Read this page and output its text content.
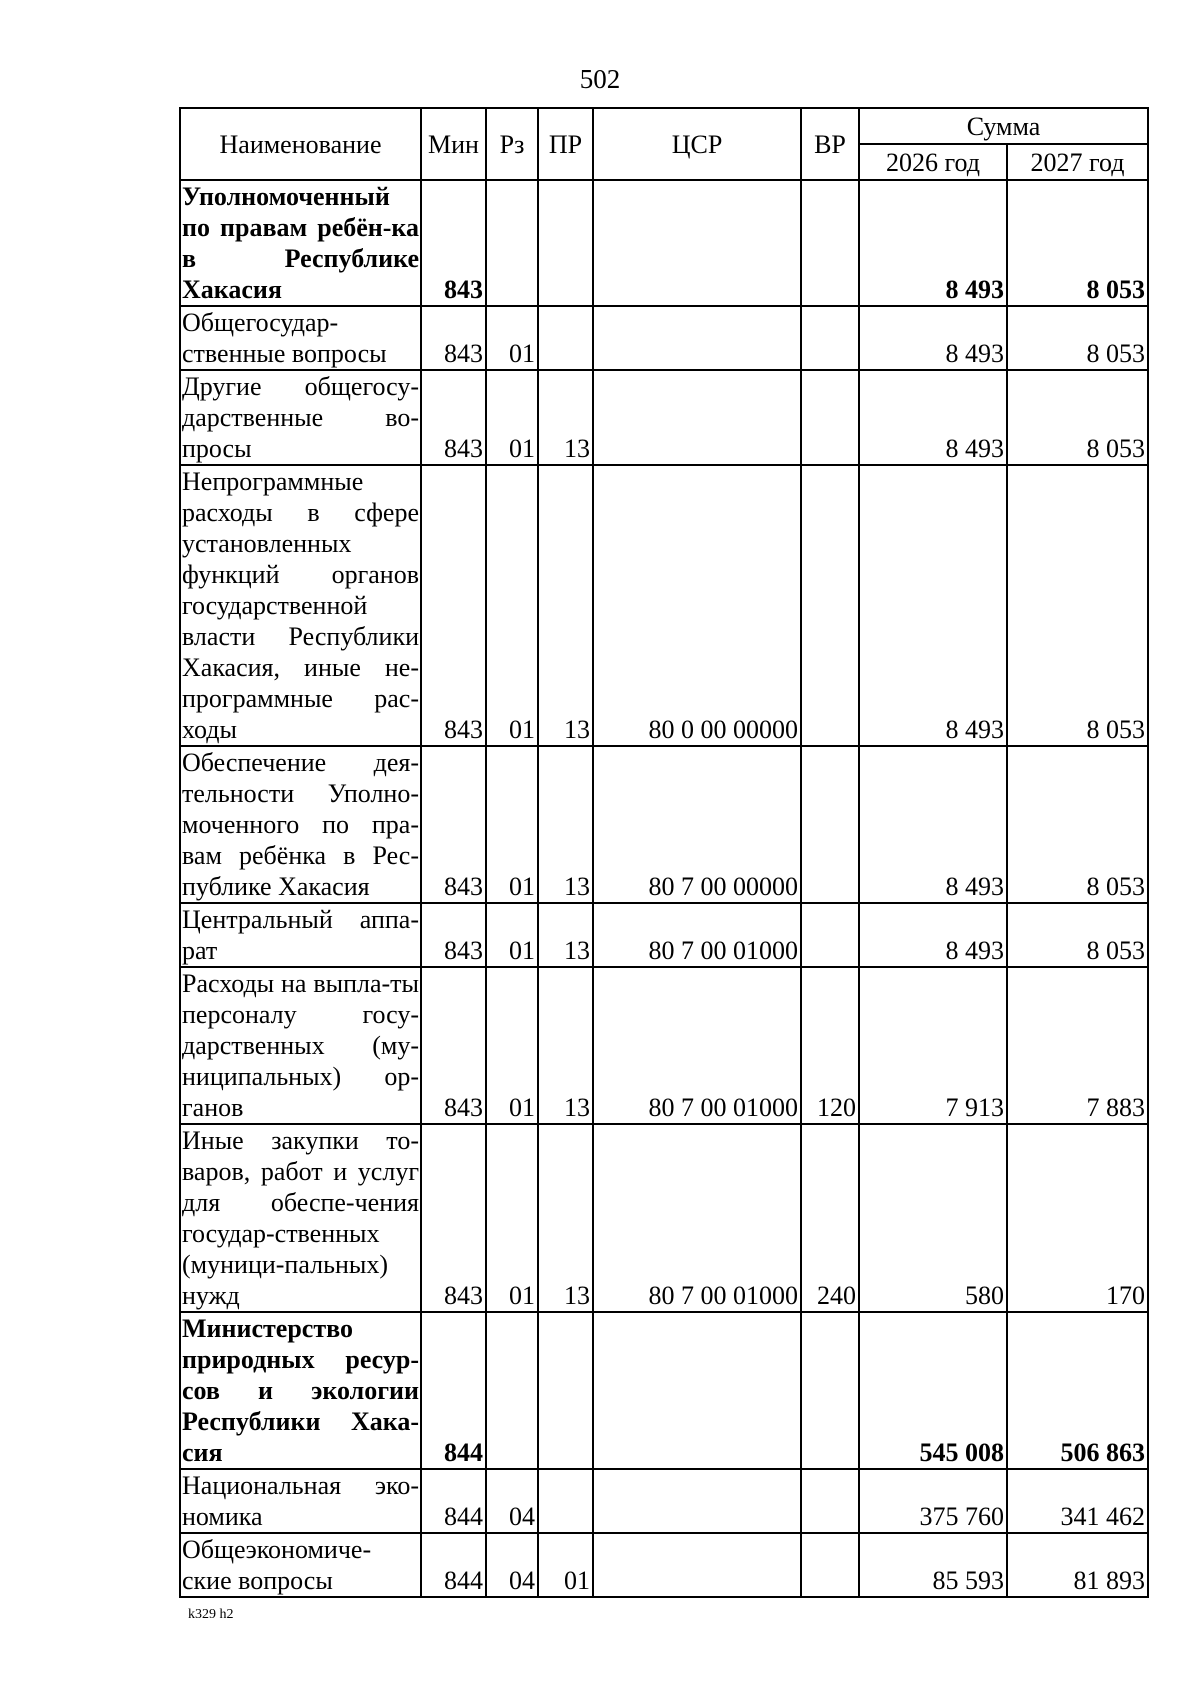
502
Наименование	Мин	Рз	ПР	ЦСР	ВР	Сумма	
						2026 год	2027 год
Уполномоченный по правам ребён-ка в Республике Хакасия	843					8 493	8 053
Общегосудар-ственные вопросы	843	01				8 493	8 053
Другие общегосу-дарственные во-просы	843	01	13			8 493	8 053
Непрограммные расходы в сфере установленных функций органов государственной власти Республики Хакасия, иные не-программные рас-ходы	843	01	13	80 0 00 00000		8 493	8 053
Обеспечение дея-тельности Уполно-моченного по пра-вам ребёнка в Рес-публике Хакасия	843	01	13	80 7 00 00000		8 493	8 053
Центральный аппа-рат	843	01	13	80 7 00 01000		8 493	8 053
Расходы на выпла-ты персоналу госу-дарственных (му-ниципальных) ор-ганов	843	01	13	80 7 00 01000	120	7 913	7 883
Иные закупки то-варов, работ и услуг для обеспе-чения государ-ственных (муници-пальных) нужд	843	01	13	80 7 00 01000	240	580	170
Министерство природных ресур-сов и экологии Республики Хака-сия	844					545 008	506 863
Национальная эко-номика	844	04				375 760	341 462
Общеэкономиче-ские вопросы	844	04	01			85 593	81 893
k329 h2
